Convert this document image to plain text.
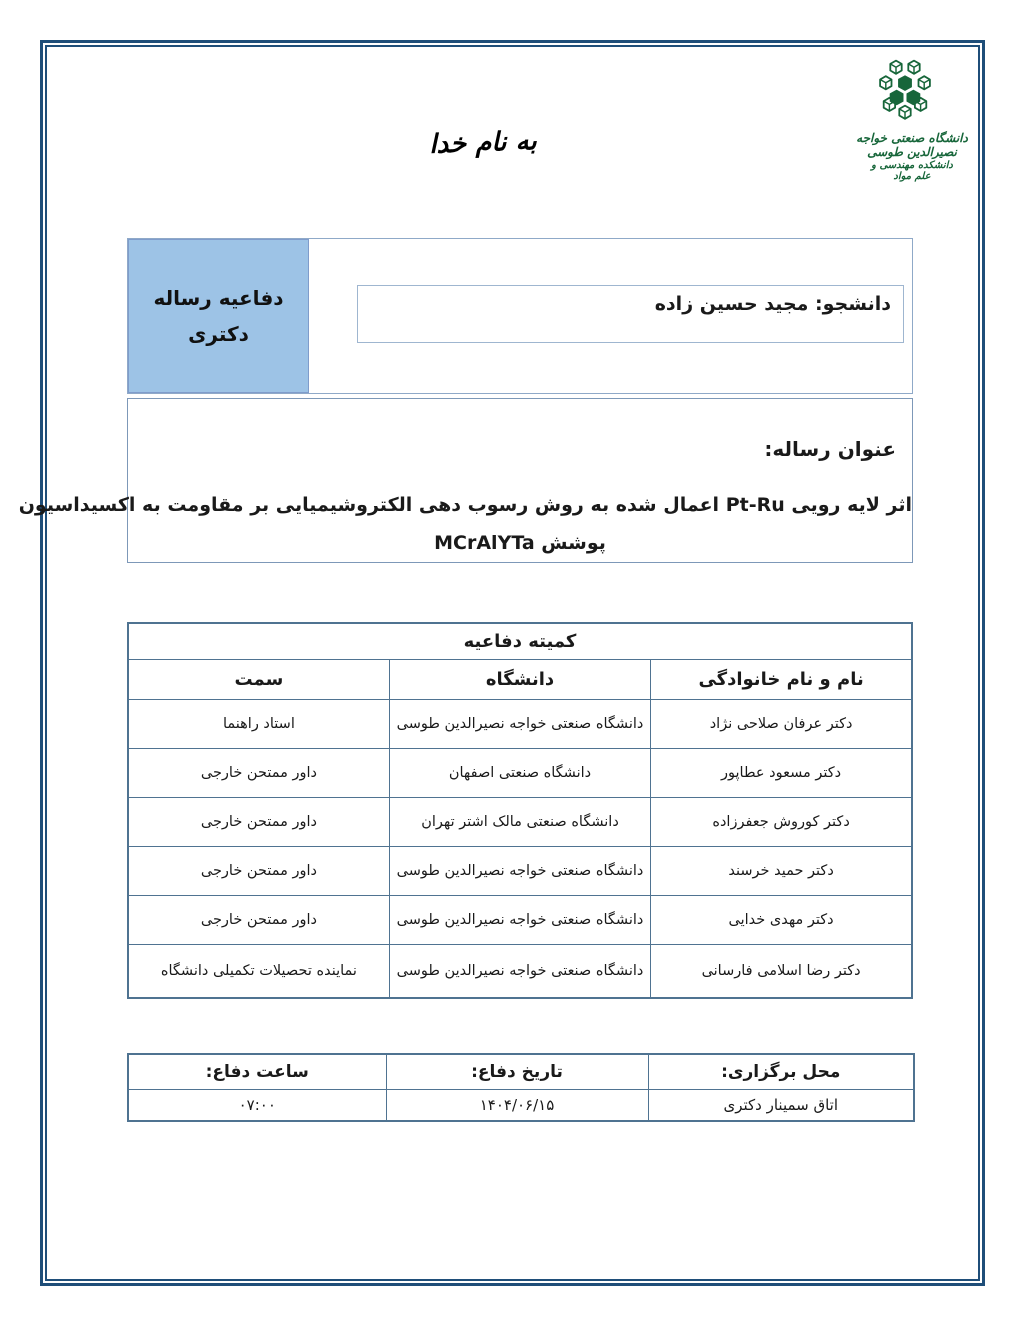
دانشگاه صنعتی خواجه نصیرالدین طوسی
دانشکده مهندسی و علم مواد
به نام خدا
دفاعیه رساله
دکتری
دانشجو: مجید حسین زاده
عنوان رساله:
اثر لایه رویی Pt-Ru اعمال شده به روش رسوب دهی الکتروشیمیایی بر مقاومت به اکسیداسیون
پوشش MCrAlYTa
کمیته دفاعیه		
نام و نام خانوادگی	دانشگاه	سمت
دکتر عرفان صلاحی نژاد	دانشگاه صنعتی خواجه نصیرالدین طوسی	استاد راهنما
دکتر مسعود عطاپور	دانشگاه صنعتی اصفهان	داور ممتحن خارجی
دکتر کوروش جعفرزاده	دانشگاه صنعتی مالک اشتر تهران	داور ممتحن خارجی
دکتر حمید خرسند	دانشگاه صنعتی خواجه نصیرالدین طوسی	داور ممتحن خارجی
دکتر مهدی خدایی	دانشگاه صنعتی خواجه نصیرالدین طوسی	داور ممتحن خارجی
دکتر رضا اسلامی فارسانی	دانشگاه صنعتی خواجه نصیرالدین طوسی	نماینده تحصیلات تکمیلی دانشگاه
محل برگزاری:	تاریخ دفاع:	ساعت دفاع:
اتاق سمینار دکتری	۱۴۰۴/۰۶/۱۵	۰۷:۰۰
